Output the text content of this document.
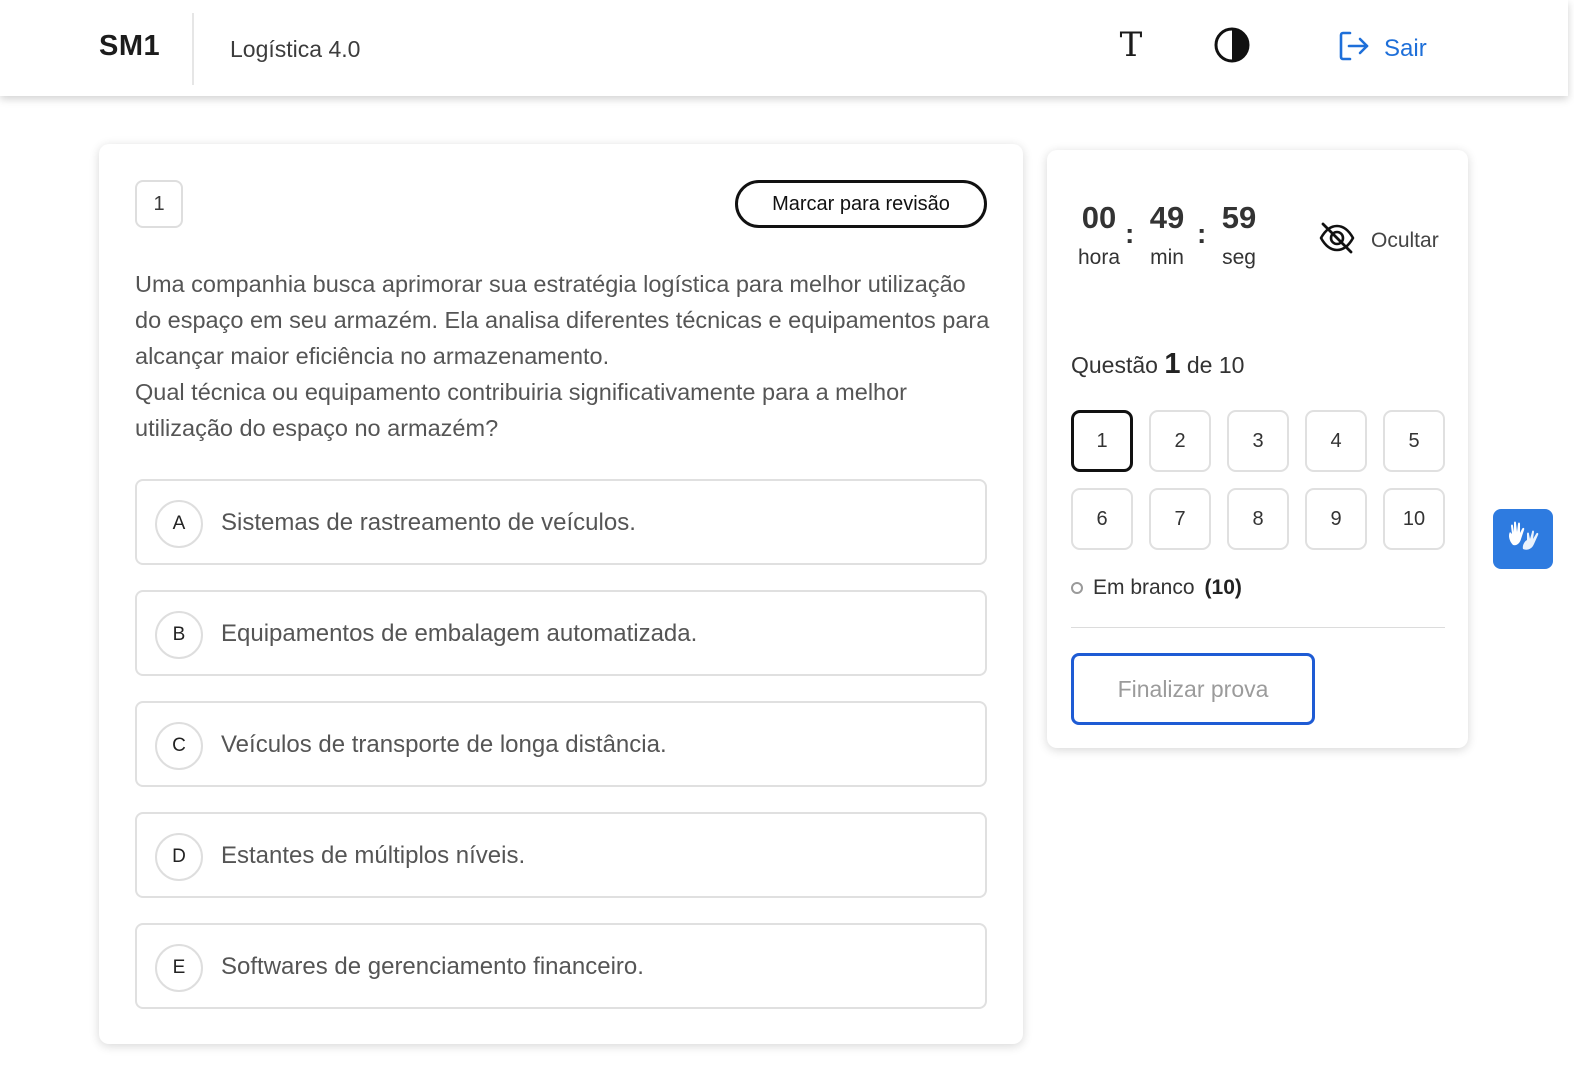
SM1	Logística 4.0	T	Sair
1	Marcar para revisão

Uma companhia busca aprimorar sua estratégia logística para melhor utilização do espaço em seu armazém. Ela analisa diferentes técnicas e equipamentos para alcançar maior eficiência no armazenamento.

Qual técnica ou equipamento contribuiria significativamente para a melhor utilização do espaço no armazém?

A	Sistemas de rastreamento de veículos.
B	Equipamentos de embalagem automatizada.
C	Veículos de transporte de longa distância.
D	Estantes de múltiplos níveis.
E	Softwares de gerenciamento financeiro.
00
hora
: 49
min
: 59
seg
Ocultar
Questão 1 de 10
1	2	3	4	5
6	7	8	9	10
Em branco (10)
Finalizar prova
